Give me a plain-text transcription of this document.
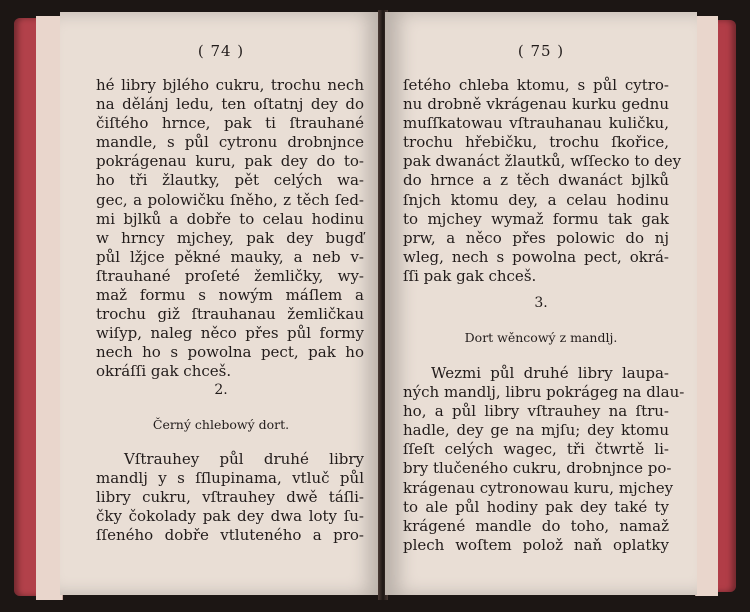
( 74 )
hé libry bjlého cukru, trochu nech
na dělánj ledu, ten oſtatnj dey do
čiſtého hrnce, pak ti ſtrauhané
mandle, s půl cytronu drobnjnce
pokrágenau kuru, pak dey do to-
ho tři žlautky, pět celých wa-
gec, a polowičku ſněho, z těch ſed-
mi bjlků a dobře to celau hodinu
w hrncy mjchey, pak dey bugď
půl lžjce pěkné mauky, a neb v-
ſtrauhané proſeté žemličky, wy-
maž formu s nowým máſlem a
trochu giž ſtrauhanau žemličkau
wiſyp, naleg něco přes půl formy
nech ho s powolna pect, pak ho
okráſſi gak chceš.
2.
Černý chlebowý dort.
Vſtrauhey půl druhé libry
mandlj y s ſſlupinama, vtluč půl
libry cukru, vſtrauhey dwě táſli-
čky čokolady pak dey dwa loty ſu-
ſſeného dobře vtluteného a pro-
( 75 )
ſetého chleba ktomu, s půl cytro-
nu drobně vkrágenau kurku gednu
muſſkatowau vſtrauhanau kuličku,
trochu hřebičku, trochu ſkořice,
pak dwanáct žlautků, wſſecko to dey
do hrnce a z těch dwanáct bjlků
ſnjch ktomu dey, a celau hodinu
to mjchey wymaž formu tak gak
prw, a něco přes polowic do nj
wleg, nech s powolna pect, okrá-
ſſi pak gak chceš.
3.
Dort wěncowý z mandlj.
Wezmi půl druhé libry laupa-
ných mandlj, libru pokrágeg na dlau-
ho, a půl libry vſtrauhey na ſtru-
hadle, dey ge na mjſu; dey ktomu
ſſeſt celých wagec, tři čtwrtě li-
bry tlučeného cukru, drobnjnce po-
krágenau cytronowau kuru, mjchey
to ale půl hodiny pak dey také ty
krágené mandle do toho, namaž
plech woſtem polož naň oplatky
